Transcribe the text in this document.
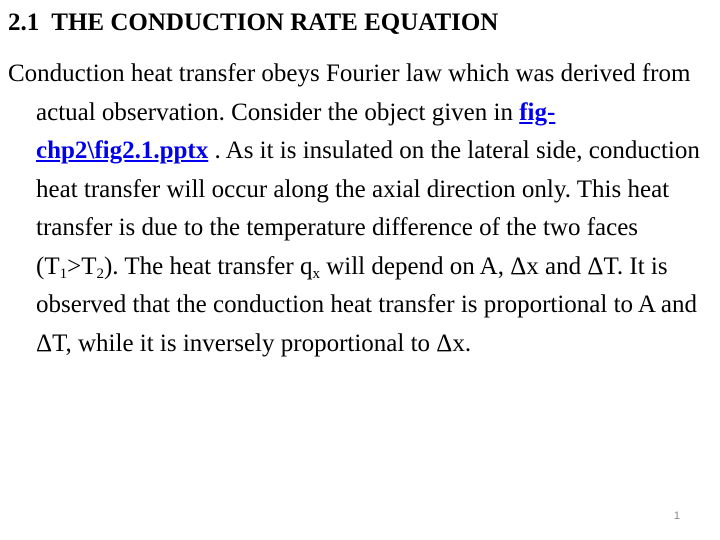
2.1  THE CONDUCTION RATE EQUATION

Conduction heat transfer obeys Fourier law which was derived from actual observation. Consider the object given in fig-chp2\fig2.1.pptx . As it is insulated on the lateral side, conduction heat transfer will occur along the axial direction only. This heat transfer is due to the temperature difference of the two faces $(T_1>T_2)$. The heat transfer $q_x$ will depend on A, Δx and ΔT. It is observed that the conduction heat transfer is proportional to A and ΔT, while it is inversely proportional to Δx.

1
